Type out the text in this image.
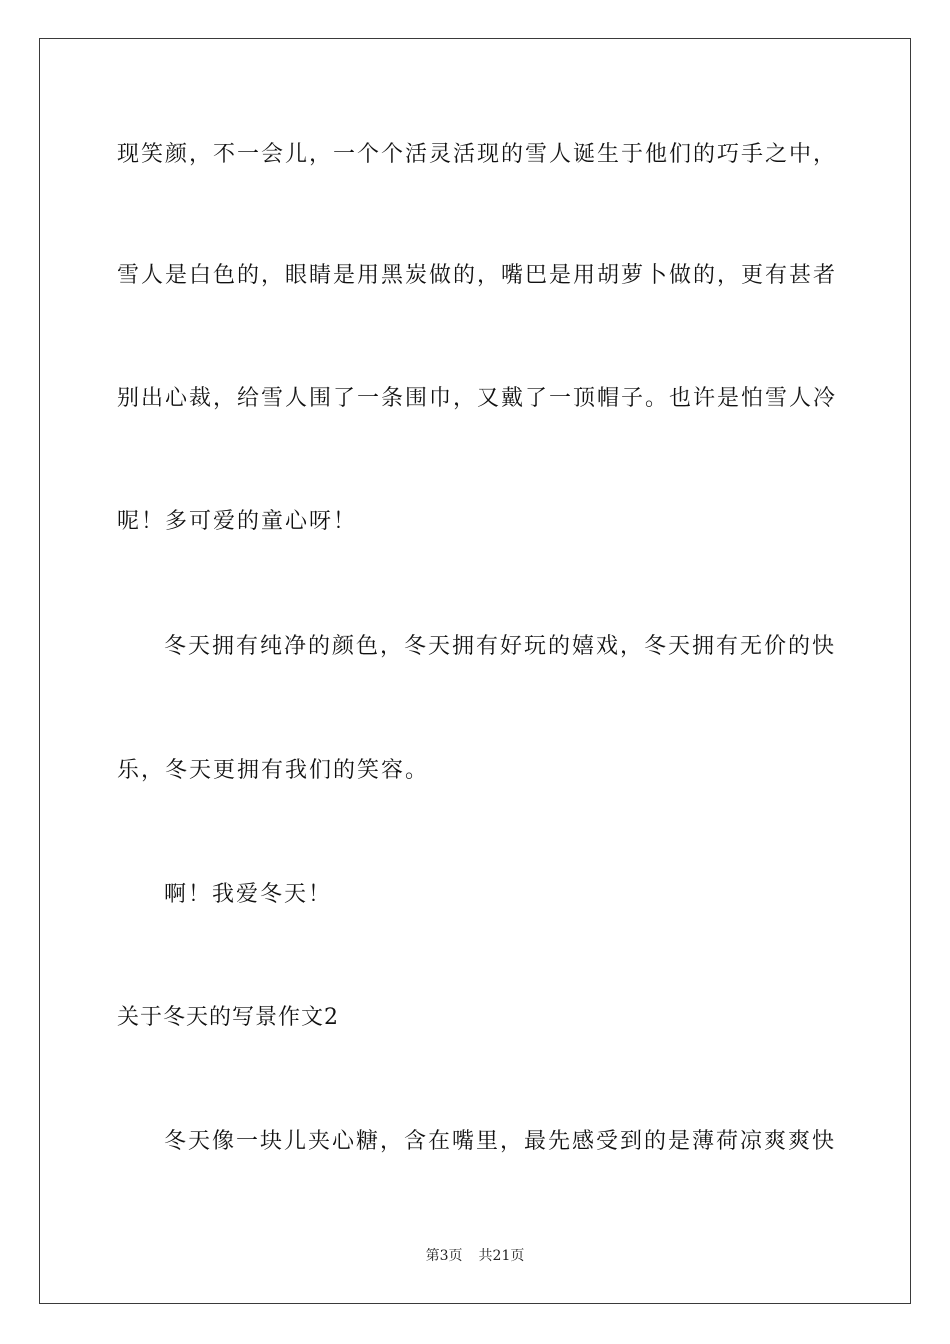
现笑颜，不一会儿，一个个活灵活现的雪人诞生于他们的巧手之中，
雪人是白色的，眼睛是用黑炭做的，嘴巴是用胡萝卜做的，更有甚者
别出心裁，给雪人围了一条围巾，又戴了一顶帽子。也许是怕雪人冷
呢！多可爱的童心呀！
冬天拥有纯净的颜色，冬天拥有好玩的嬉戏，冬天拥有无价的快
乐，冬天更拥有我们的笑容。
啊！我爱冬天！
关于冬天的写景作文2
冬天像一块儿夹心糖，含在嘴里，最先感受到的是薄荷凉爽爽快
第3页 共21页
